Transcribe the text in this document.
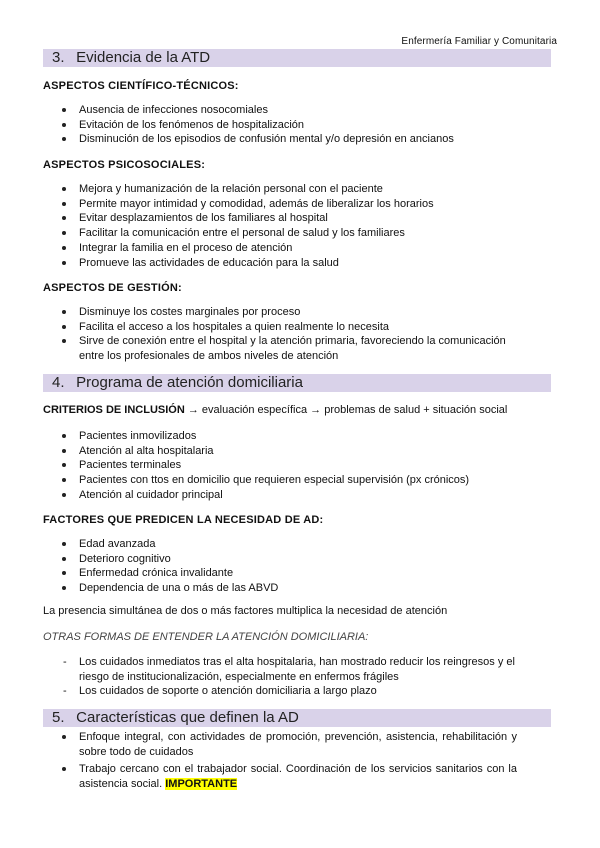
Enfermería Familiar y Comunitaria
3. Evidencia de la ATD
ASPECTOS CIENTÍFICO-TÉCNICOS:
Ausencia de infecciones nosocomiales
Evitación de los fenómenos de hospitalización
Disminución de los episodios de confusión mental y/o depresión en ancianos
ASPECTOS PSICOSOCIALES:
Mejora y humanización de la relación personal con el paciente
Permite mayor intimidad y comodidad, además de liberalizar los horarios
Evitar desplazamientos de los familiares al hospital
Facilitar la comunicación entre el personal de salud y los familiares
Integrar la familia en el proceso de atención
Promueve las actividades de educación para la salud
ASPECTOS DE GESTIÓN:
Disminuye los costes marginales por proceso
Facilita el acceso a los hospitales a quien realmente lo necesita
Sirve de conexión entre el hospital y la atención primaria, favoreciendo la comunicación entre los profesionales de ambos niveles de atención
4. Programa de atención domiciliaria
CRITERIOS DE INCLUSIÓN → evaluación específica → problemas de salud + situación social
Pacientes inmovilizados
Atención al alta hospitalaria
Pacientes terminales
Pacientes con ttos en domicilio que requieren especial supervisión (px crónicos)
Atención al cuidador principal
FACTORES QUE PREDICEN LA NECESIDAD DE AD:
Edad avanzada
Deterioro cognitivo
Enfermedad crónica invalidante
Dependencia de una o más de las ABVD
La presencia simultánea de dos o más factores multiplica la necesidad de atención
OTRAS FORMAS DE ENTENDER LA ATENCIÓN DOMICILIARIA:
- Los cuidados inmediatos tras el alta hospitalaria, han mostrado reducir los reingresos y el riesgo de institucionalización, especialmente en enfermos frágiles
- Los cuidados de soporte o atención domiciliaria a largo plazo
5. Características que definen la AD
Enfoque integral, con actividades de promoción, prevención, asistencia, rehabilitación y sobre todo de cuidados
Trabajo cercano con el trabajador social. Coordinación de los servicios sanitarios con la asistencia social. IMPORTANTE
